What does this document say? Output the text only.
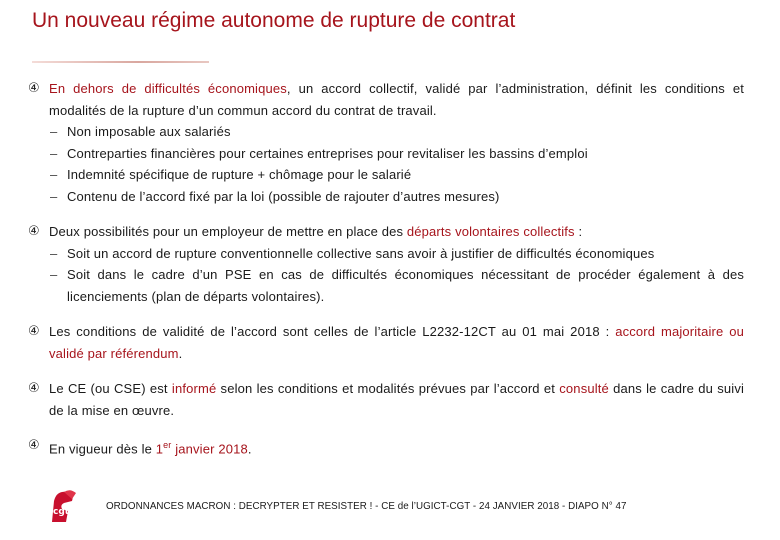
Un nouveau régime autonome de rupture de contrat

④ En dehors de difficultés économiques, un accord collectif, validé par l’administration, définit les conditions et modalités de la rupture d’un commun accord du contrat de travail.

– Non imposable aux salariés

– Contreparties financières pour certaines entreprises pour revitaliser les bassins d’emploi

– Indemnité spécifique de rupture + chômage pour le salarié

– Contenu de l’accord fixé par la loi (possible de rajouter d’autres mesures)

④ Deux possibilités pour un employeur de mettre en place des départs volontaires collectifs :

– Soit un accord de rupture conventionnelle collective sans avoir à justifier de difficultés économiques

– Soit dans le cadre d’un PSE en cas de difficultés économiques nécessitant de procéder également à des licenciements (plan de départs volontaires).

④ Les conditions de validité de l’accord sont celles de l’article L2232-12CT au 01 mai 2018 : accord majoritaire ou validé par référendum.

④ Le CE (ou CSE) est informé selon les conditions et modalités prévues par l’accord et consulté dans le cadre du suivi de la mise en œuvre.

④ En vigueur dès le 1er janvier 2018.

cgtUGICT ORDONNANCES MACRON : DECRYPTER ET RESISTER ! - CE de l’UGICT-CGT - 24 JANVIER 2018 - DIAPO N° 47
